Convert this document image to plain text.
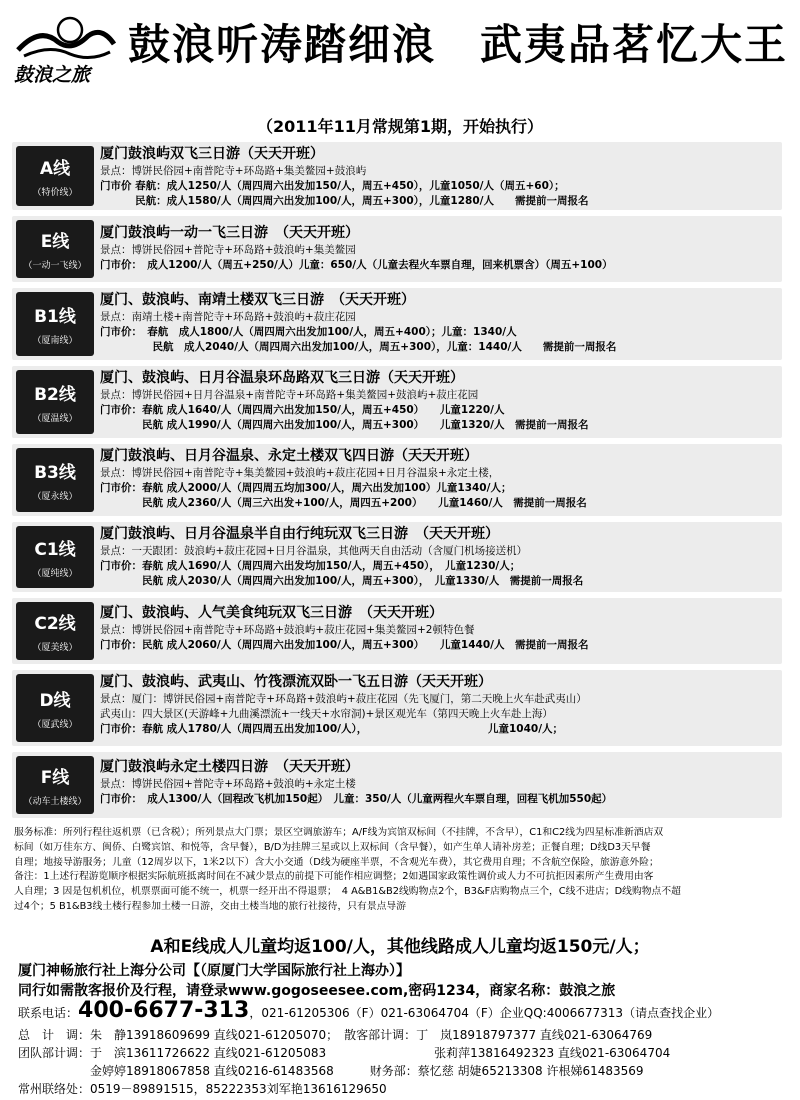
鼓浪之旅
鼓浪听涛踏细浪　武夷品茗忆大王
（2011年11月常规第1期，开始执行）
A线
（特价线）
厦门鼓浪屿双飞三日游（天天开班）
景点：博饼民俗园+南普陀寺+环岛路+集美鳌园+鼓浪屿
门市价 春航：成人1250/人（周四周六出发加150/人，周五+450），儿童1050/人（周五+60）；
　　　 民航：成人1580/人（周四周六出发加100/人，周五+300），儿童1280/人　　需提前一周报名
E线
（一动一飞线）
厦门鼓浪屿一动一飞三日游　（天天开班）
景点：博饼民俗园+普陀寺+环岛路+鼓浪屿+集美鳌园
门市价：　成人1200/人（周五+250/人）儿童：650/人（儿童去程火车票自理，回来机票含）（周五+100）
B1线
（厦南线）
厦门、鼓浪屿、南靖土楼双飞三日游　（天天开班）
景点：南靖土楼+南普陀寺+环岛路+鼓浪屿+菽庄花园
门市价：　春航　成人1800/人（周四周六出发加100/人，周五+400）；儿童：1340/人
　　　　　民航　成人2040/人（周四周六出发加100/人，周五+300），儿童：1440/人　　需提前一周报名
B2线
（厦温线）
厦门、鼓浪屿、日月谷温泉环岛路双飞三日游（天天开班）
景点：博饼民俗园+日月谷温泉+南普陀寺+环岛路+集美鳌园+鼓浪屿+菽庄花园
门市价：春航 成人1640/人（周四周六出发加150/人，周五+450）　　儿童1220/人
　　　　民航 成人1990/人（周四周六出发加100/人，周五+300）　　儿童1320/人　需提前一周报名
B3线
（厦永线）
厦门鼓浪屿、日月谷温泉、永定土楼双飞四日游（天天开班）
景点：博饼民俗园+南普陀寺+集美鳌园+鼓浪屿+菽庄花园+日月谷温泉+永定土楼，
门市价：春航 成人2000/人（周四周五均加300/人，周六出发加100）儿童1340/人；
　　　　民航 成人2360/人（周三六出发+100/人，周四五+200）　　儿童1460/人　需提前一周报名
C1线
（厦纯线）
厦门鼓浪屿、日月谷温泉半自由行纯玩双飞三日游　（天天开班）
景点：一天跟团：鼓浪屿+菽庄花园+日月谷温泉，其他两天自由活动（含厦门机场接送机）
门市价：春航 成人1690/人（周四周六出发均加150/人，周五+450），　儿童1230/人；
　　　　民航 成人2030/人（周四周六出发加100/人，周五+300），　儿童1330/人　需提前一周报名
C2线
（厦美线）
厦门、鼓浪屿、人气美食纯玩双飞三日游　（天天开班）
景点：博饼民俗园+南普陀寺+环岛路+鼓浪屿+菽庄花园+集美鳌园+2顿特色餐
门市价：民航 成人2060/人（周四周六出发加100/人，周五+300）　　儿童1440/人　需提前一周报名
D线
（厦武线）
厦门、鼓浪屿、武夷山、竹筏漂流双卧一飞五日游（天天开班）
景点：厦门：博饼民俗园+南普陀寺+环岛路+鼓浪屿+菽庄花园（先飞厦门，第二天晚上火车赴武夷山）
武夷山：四大景区(天游峰+九曲溪漂流+一线天+水帘洞)+景区观光车（第四天晚上火车赴上海）
门市价：春航 成人1780/人（周四周五出发加100/人），　　　　　　　　　　　　儿童1040/人；
F线
（动车土楼线）
厦门鼓浪屿永定土楼四日游　（天天开班）
景点：博饼民俗园+普陀寺+环岛路+鼓浪屿+永定土楼
门市价：　成人1300/人（回程改飞机加150起）　儿童：350/人（儿童两程火车票自理，回程飞机加550起）
服务标准：所列行程往返机票（已含税）；所列景点大门票；景区空调旅游车；A/F线为宾馆双标间（不挂牌，不含早），C1和C2线为四星标准新酒店双
标间（如万佳东方、闽侨、白鹭宾馆、和悦等，含早餐），B/D为挂牌三星或以上双标间（含早餐），如产生单人请补房差；正餐自理；D线D3天早餐
自理；地接导游服务；儿童（12周岁以下，1米2以下）含大小交通（D线为硬座半票，不含观光车费），其它费用自理；不含航空保险，旅游意外险；
备注：1上述行程游览顺序根据实际航班抵离时间在不减少景点的前提下可能作相应调整；2如遇国家政策性调价或人力不可抗拒因素所产生费用由客
人自理；3 因是包机机位，机票票面可能不统一，机票一经开出不得退票；　4 A&B1&B2线购物点2个，B3&F店购物点三个，C线不进店；D线购物点不超
过4个；5 B1&B3线土楼行程参加土楼一日游，交由土楼当地的旅行社接待，只有景点导游
A和E线成人儿童均返100/人，其他线路成人儿童均返150元/人；
厦门神畅旅行社上海分公司【（原厦门大学国际旅行社上海办）】
同行如需散客报价及行程，请登录www.gogoseesee.com,密码1234，商家名称：鼓浪之旅
联系电话：400-6677-313，021-61205306（F）021-63064704（F）企业QQ:4006677313（请点查找企业）
总　计　调：朱　静13918609699 直线021-61205070；　散客部计调：丁　岚18918797377 直线021-63064769
团队部计调：于　滨13611726622 直线021-61205083　　　　　　　　　张莉萍13816492323 直线021-63064704
　　　　　　金婷婷18918067858 直线0216-61483568　　　财务部：蔡忆慈 胡婕65213308 许根娣61483569
常州联络处：0519－89891515，85222353刘军艳13616129650
